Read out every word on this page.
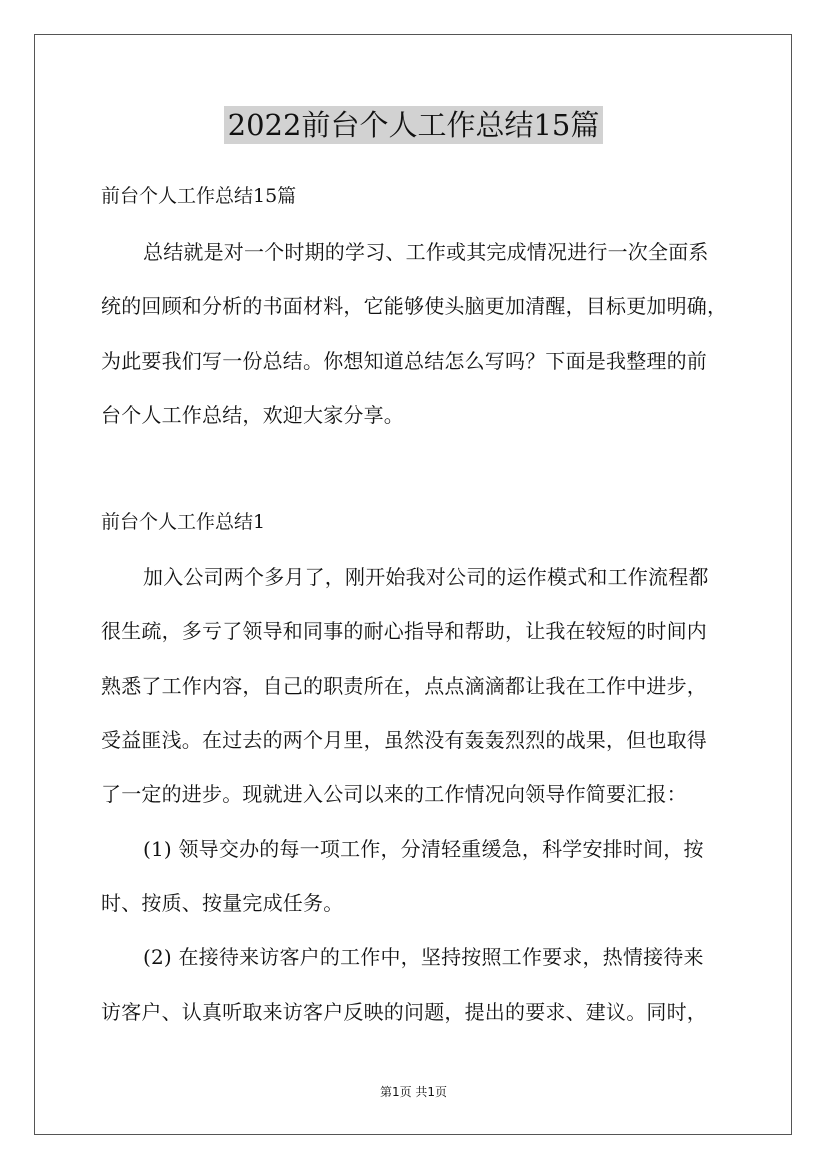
2022前台个人工作总结15篇
前台个人工作总结15篇
总结就是对一个时期的学习、工作或其完成情况进行一次全面系
统的回顾和分析的书面材料，它能够使头脑更加清醒，目标更加明确，
为此要我们写一份总结。你想知道总结怎么写吗？下面是我整理的前
台个人工作总结，欢迎大家分享。
前台个人工作总结1
加入公司两个多月了，刚开始我对公司的运作模式和工作流程都
很生疏，多亏了领导和同事的耐心指导和帮助，让我在较短的时间内
熟悉了工作内容，自己的职责所在，点点滴滴都让我在工作中进步，
受益匪浅。在过去的两个月里，虽然没有轰轰烈烈的战果，但也取得
了一定的进步。现就进入公司以来的工作情况向领导作简要汇报：
(1) 领导交办的每一项工作，分清轻重缓急，科学安排时间，按
时、按质、按量完成任务。
(2) 在接待来访客户的工作中，坚持按照工作要求，热情接待来
访客户、认真听取来访客户反映的问题，提出的要求、建议。同时，
第1页 共1页
